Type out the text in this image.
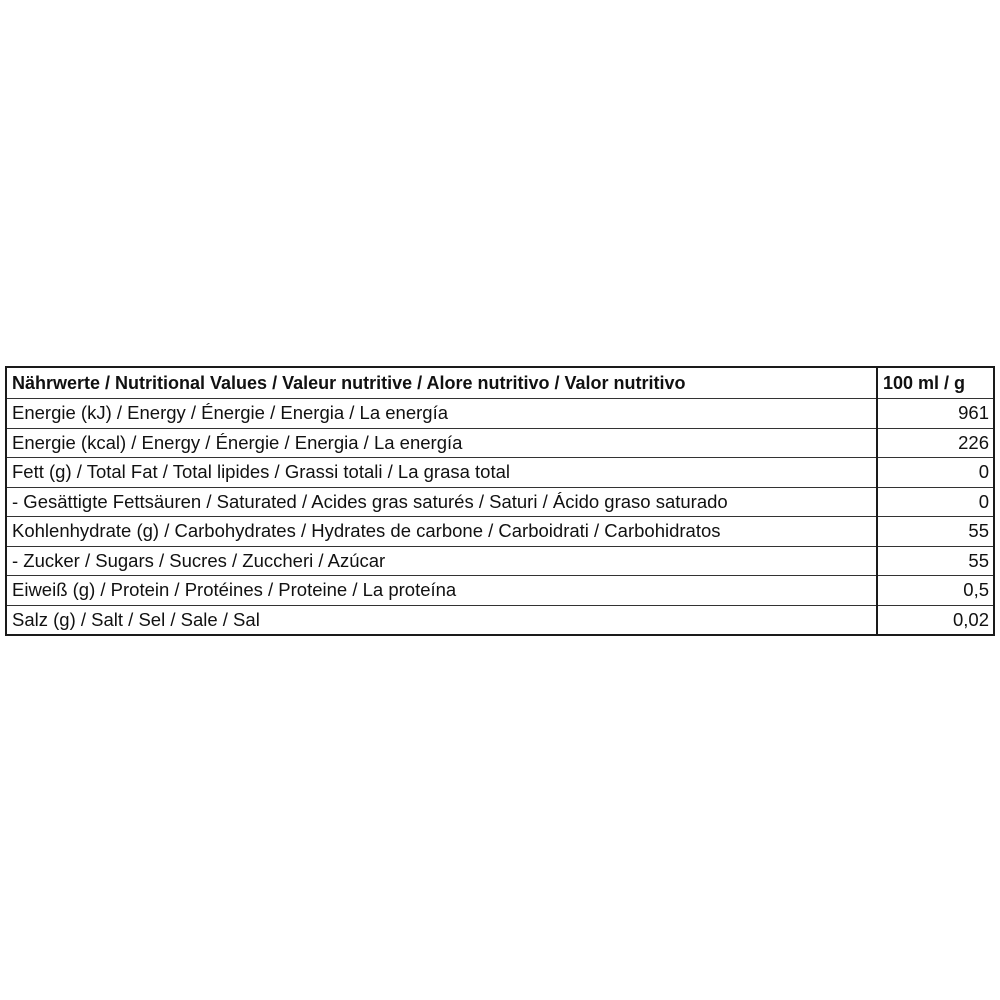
Nährwerte / Nutritional Values / Valeur nutritive / Alore nutritivo / Valor nutritivo	100 ml / g
Energie (kJ) / Energy / Énergie / Energia / La energía	961
Energie (kcal) / Energy / Énergie / Energia / La energía	226
Fett (g) / Total Fat / Total lipides / Grassi totali / La grasa total	0
- Gesättigte Fettsäuren / Saturated / Acides gras saturés / Saturi / Ácido graso saturado	0
Kohlenhydrate (g) / Carbohydrates / Hydrates de carbone / Carboidrati / Carbohidratos	55
- Zucker / Sugars / Sucres / Zuccheri / Azúcar	55
Eiweiß (g) / Protein / Protéines / Proteine / La proteína	0,5
Salz (g) / Salt / Sel / Sale / Sal	0,02
